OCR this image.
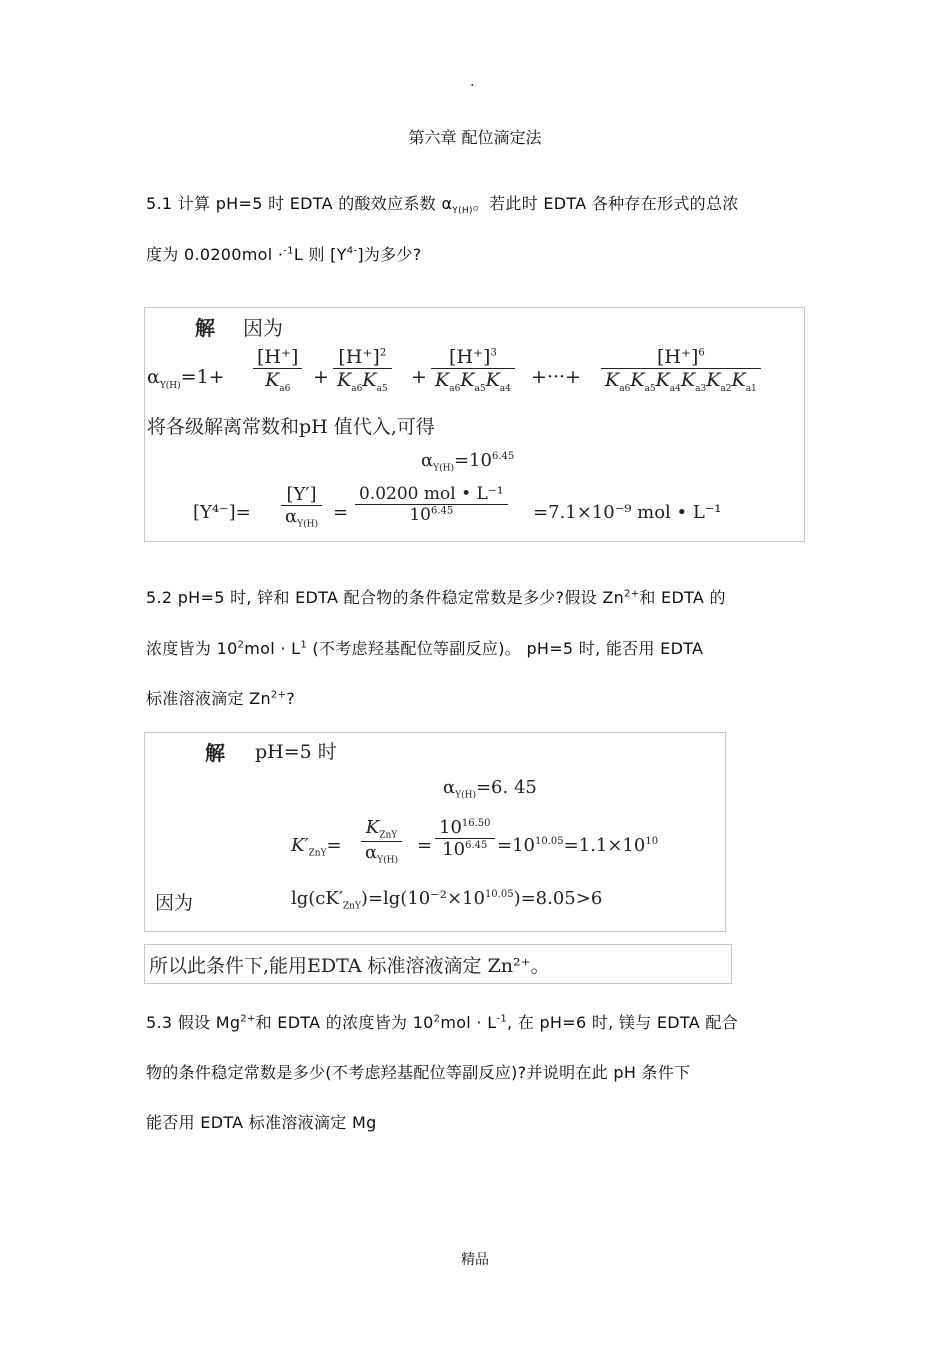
.
第六章 配位滴定法
5.1 计算 pH=5 时 EDTA 的酸效应系数 $\alpha_{Y(H)}$。若此时 EDTA 各种存在形式的总浓
度为 0.0200mol ·$^{-1}$L 则 $[Y^{4-}]$为多少?
解 因为
$\alpha_{Y(H)}=1+ \frac{[H^+]}{K_{a6}} + \frac{[H^+]^2}{K_{a6}K_{a5}} + \frac{[H^+]^3}{K_{a6}K_{a5}K_{a4}}$ +···+ $\frac{[H^+]^6}{K_{a6}K_{a5}K_{a4}K_{a3}K_{a2}K_{a1}}$
将各级解离常数和pH 值代入,可得
$\alpha_{Y(H)}=10^{6.45}$
$[Y^{4-}]= \frac{[Y']}{\alpha_{Y(H)}}$ =
0.0200 mol • L⁻¹
$10^{6.45}$	=7.1×10⁻⁹ mol • L⁻¹
5.2 pH=5 时, 锌和 EDTA 配合物的条件稳定常数是多少?假设 $Zn^{2+}$和 EDTA 的
浓度皆为 $10^2mol \cdot L^1$ (不考虑羟基配位等副反应)。 pH=5 时, 能否用 EDTA
标准溶液滴定 $Zn^{2+}$?
解 pH=5 时
$\alpha_{Y(H)}=6$. 45
$K'_{ZnY}=$
$K_{ZnY}$
$\alpha_{Y(H)}$
= $\frac{10^{16.50}}{10^{6.45}} =10^{10.05}=1.1\times 10^{10}$
因为	$\lg(cK'_{ZnY})=\lg(10^{-2}\times 10^{10.05})=8.05>6$
所以此条件下,能用EDTA 标准溶液滴定 Zn²⁺。
5.3 假设 $Mg^{2+}$和 EDTA 的浓度皆为 $10^2mol \cdot L^{-1}$, 在 pH=6 时, 镁与 EDTA 配合
物的条件稳定常数是多少(不考虑羟基配位等副反应)?并说明在此 pH 条件下
能否用 EDTA 标准溶液滴定 Mg
精品
